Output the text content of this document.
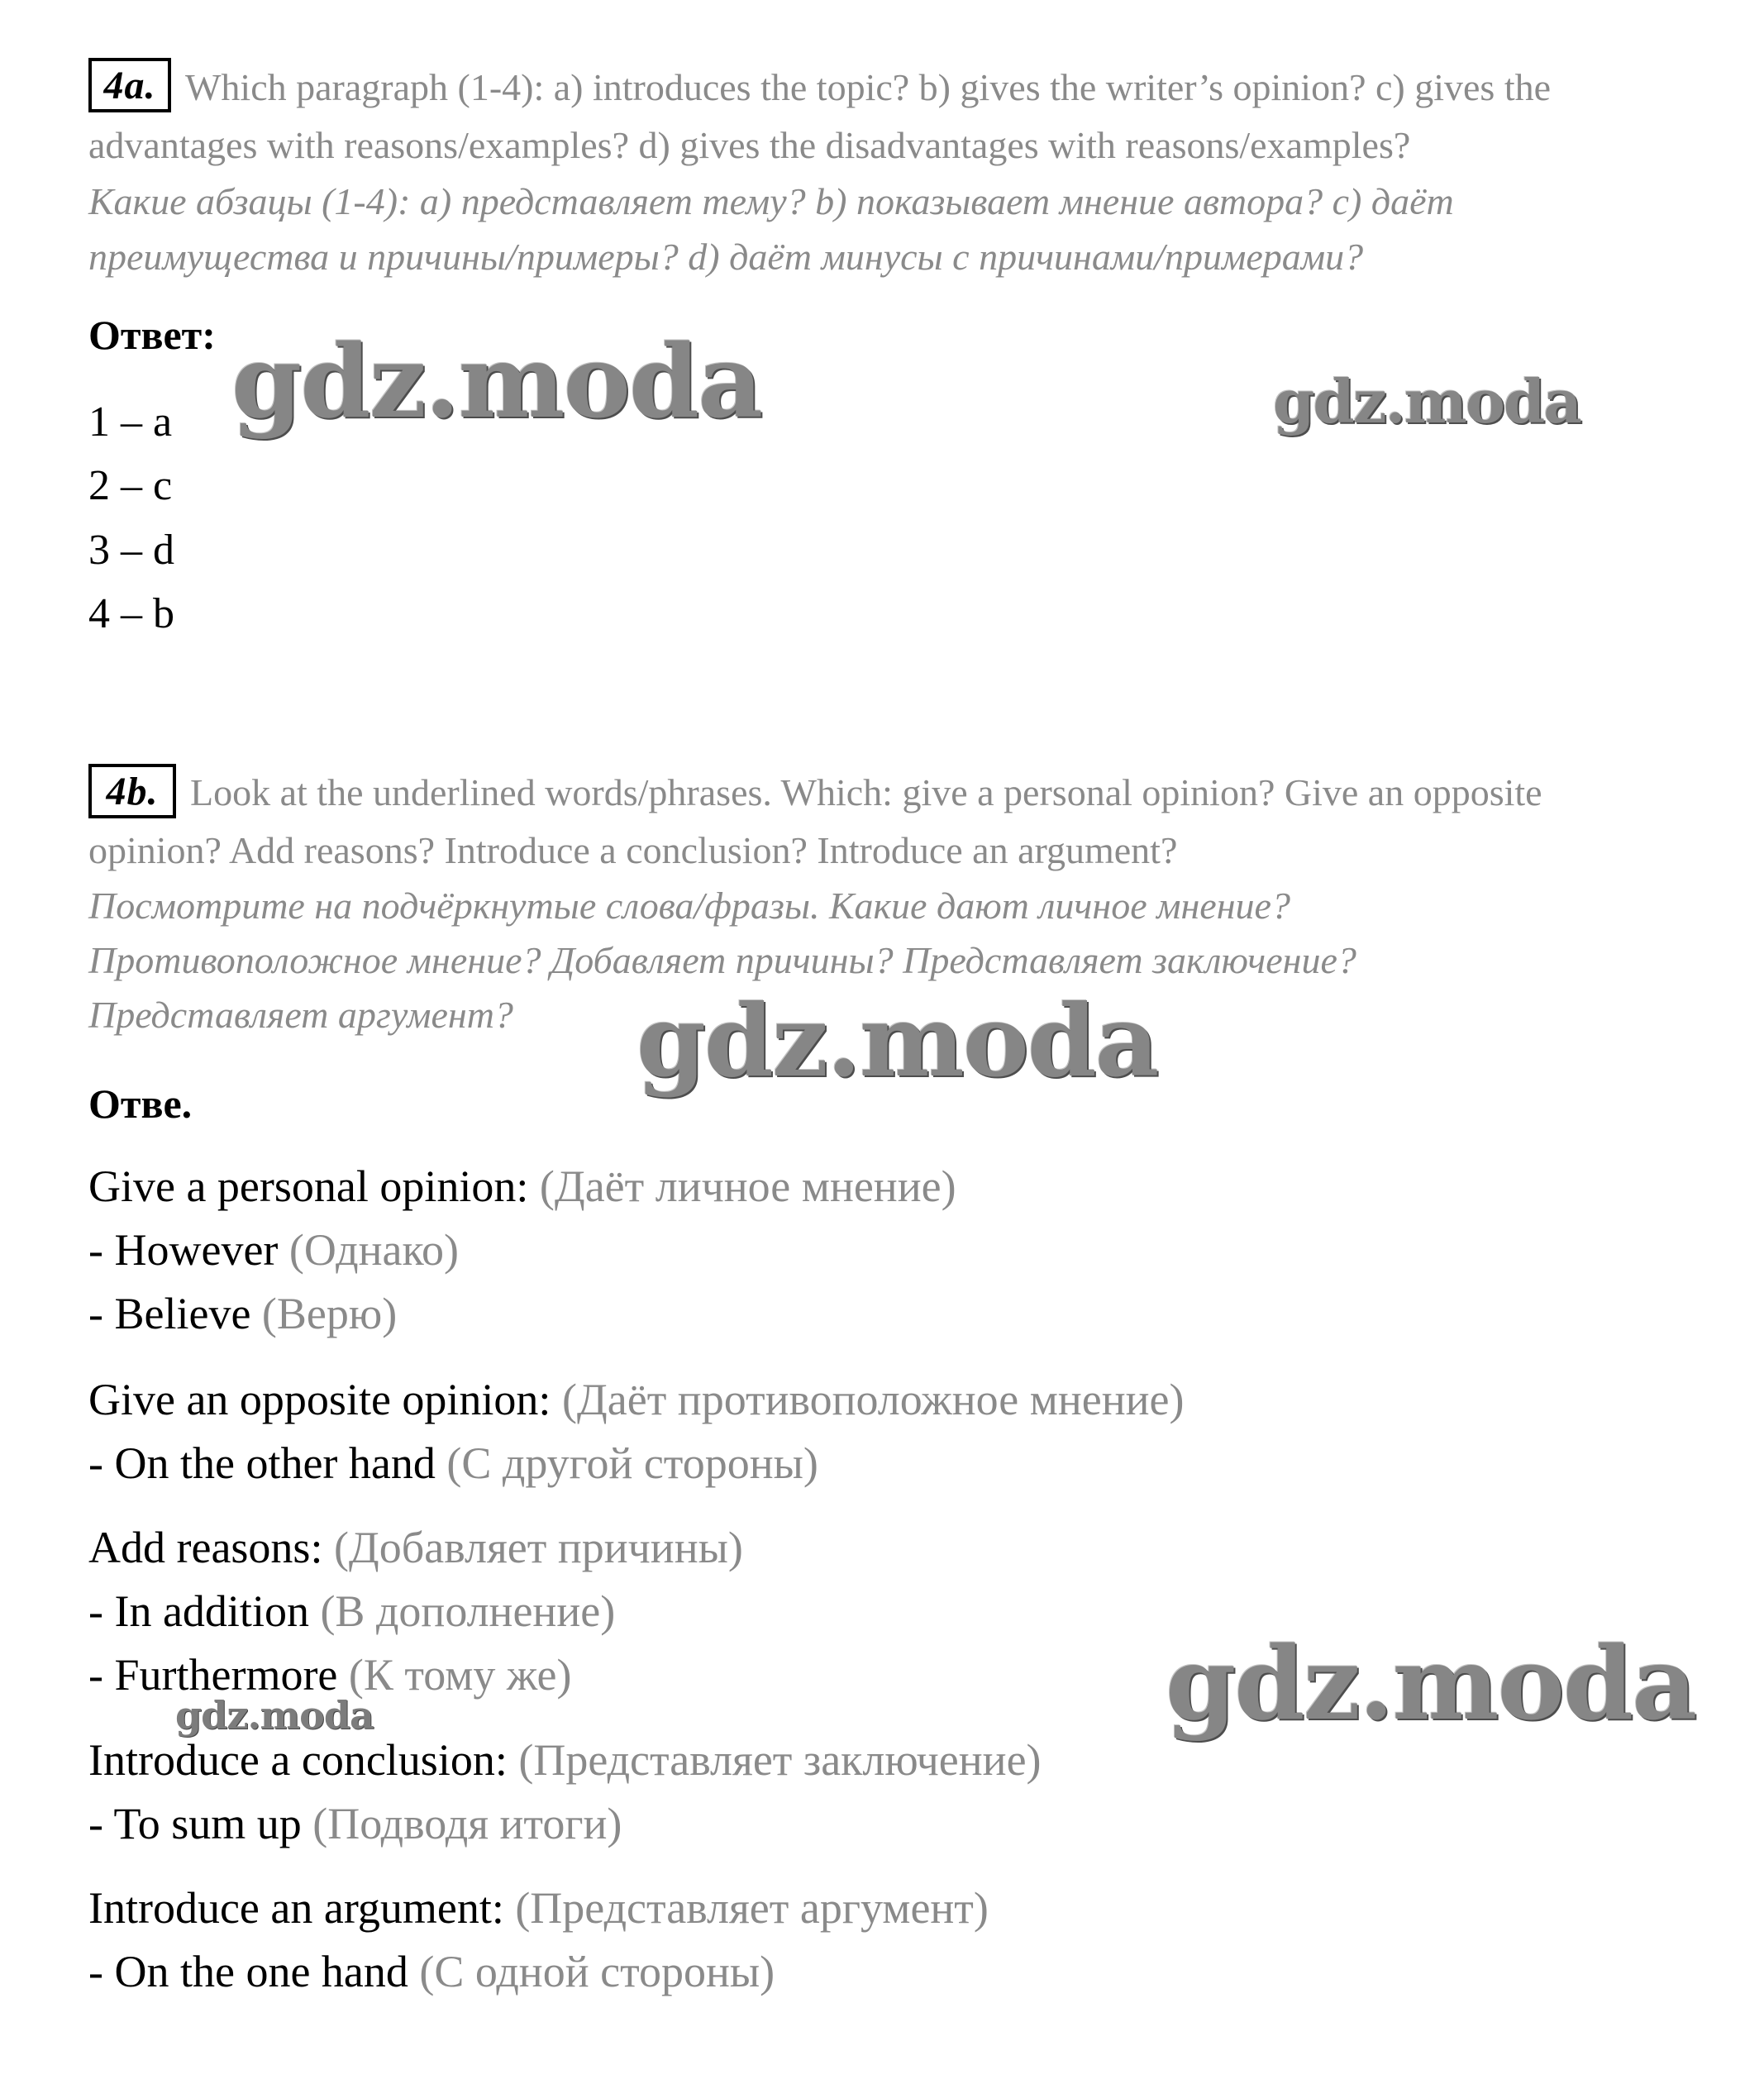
4a. Which paragraph (1-4): a) introduces the topic? b) gives the writer’s opinion? c) gives the
advantages with reasons/examples? d) gives the disadvantages with reasons/examples?
Какие абзацы (1-4): a) представляет тему? b) показывает мнение автора? c) даёт
преимущества и причины/примеры? d) даёт минусы с причинами/примерами?
Ответ:
1 – a
2 – c
3 – d
4 – b
4b. Look at the underlined words/phrases. Which: give a personal opinion? Give an opposite
opinion? Add reasons? Introduce a conclusion? Introduce an argument?
Посмотрите на подчёркнутые слова/фразы. Какие дают личное мнение?
Противоположное мнение? Добавляет причины? Представляет заключение?
Представляет аргумент?
Отве.
Give a personal opinion: (Даёт личное мнение)
- However (Однако)
- Believe (Верю)
Give an opposite opinion: (Даёт противоположное мнение)
- On the other hand (С другой стороны)
Add reasons: (Добавляет причины)
- In addition (В дополнение)
- Furthermore (К тому же)
Introduce a conclusion: (Представляет заключение)
- To sum up (Подводя итоги)
Introduce an argument: (Представляет аргумент)
- On the one hand (С одной стороны)
gdz.moda	gdz.moda
gdz.moda
gdz.moda
gdz.moda
